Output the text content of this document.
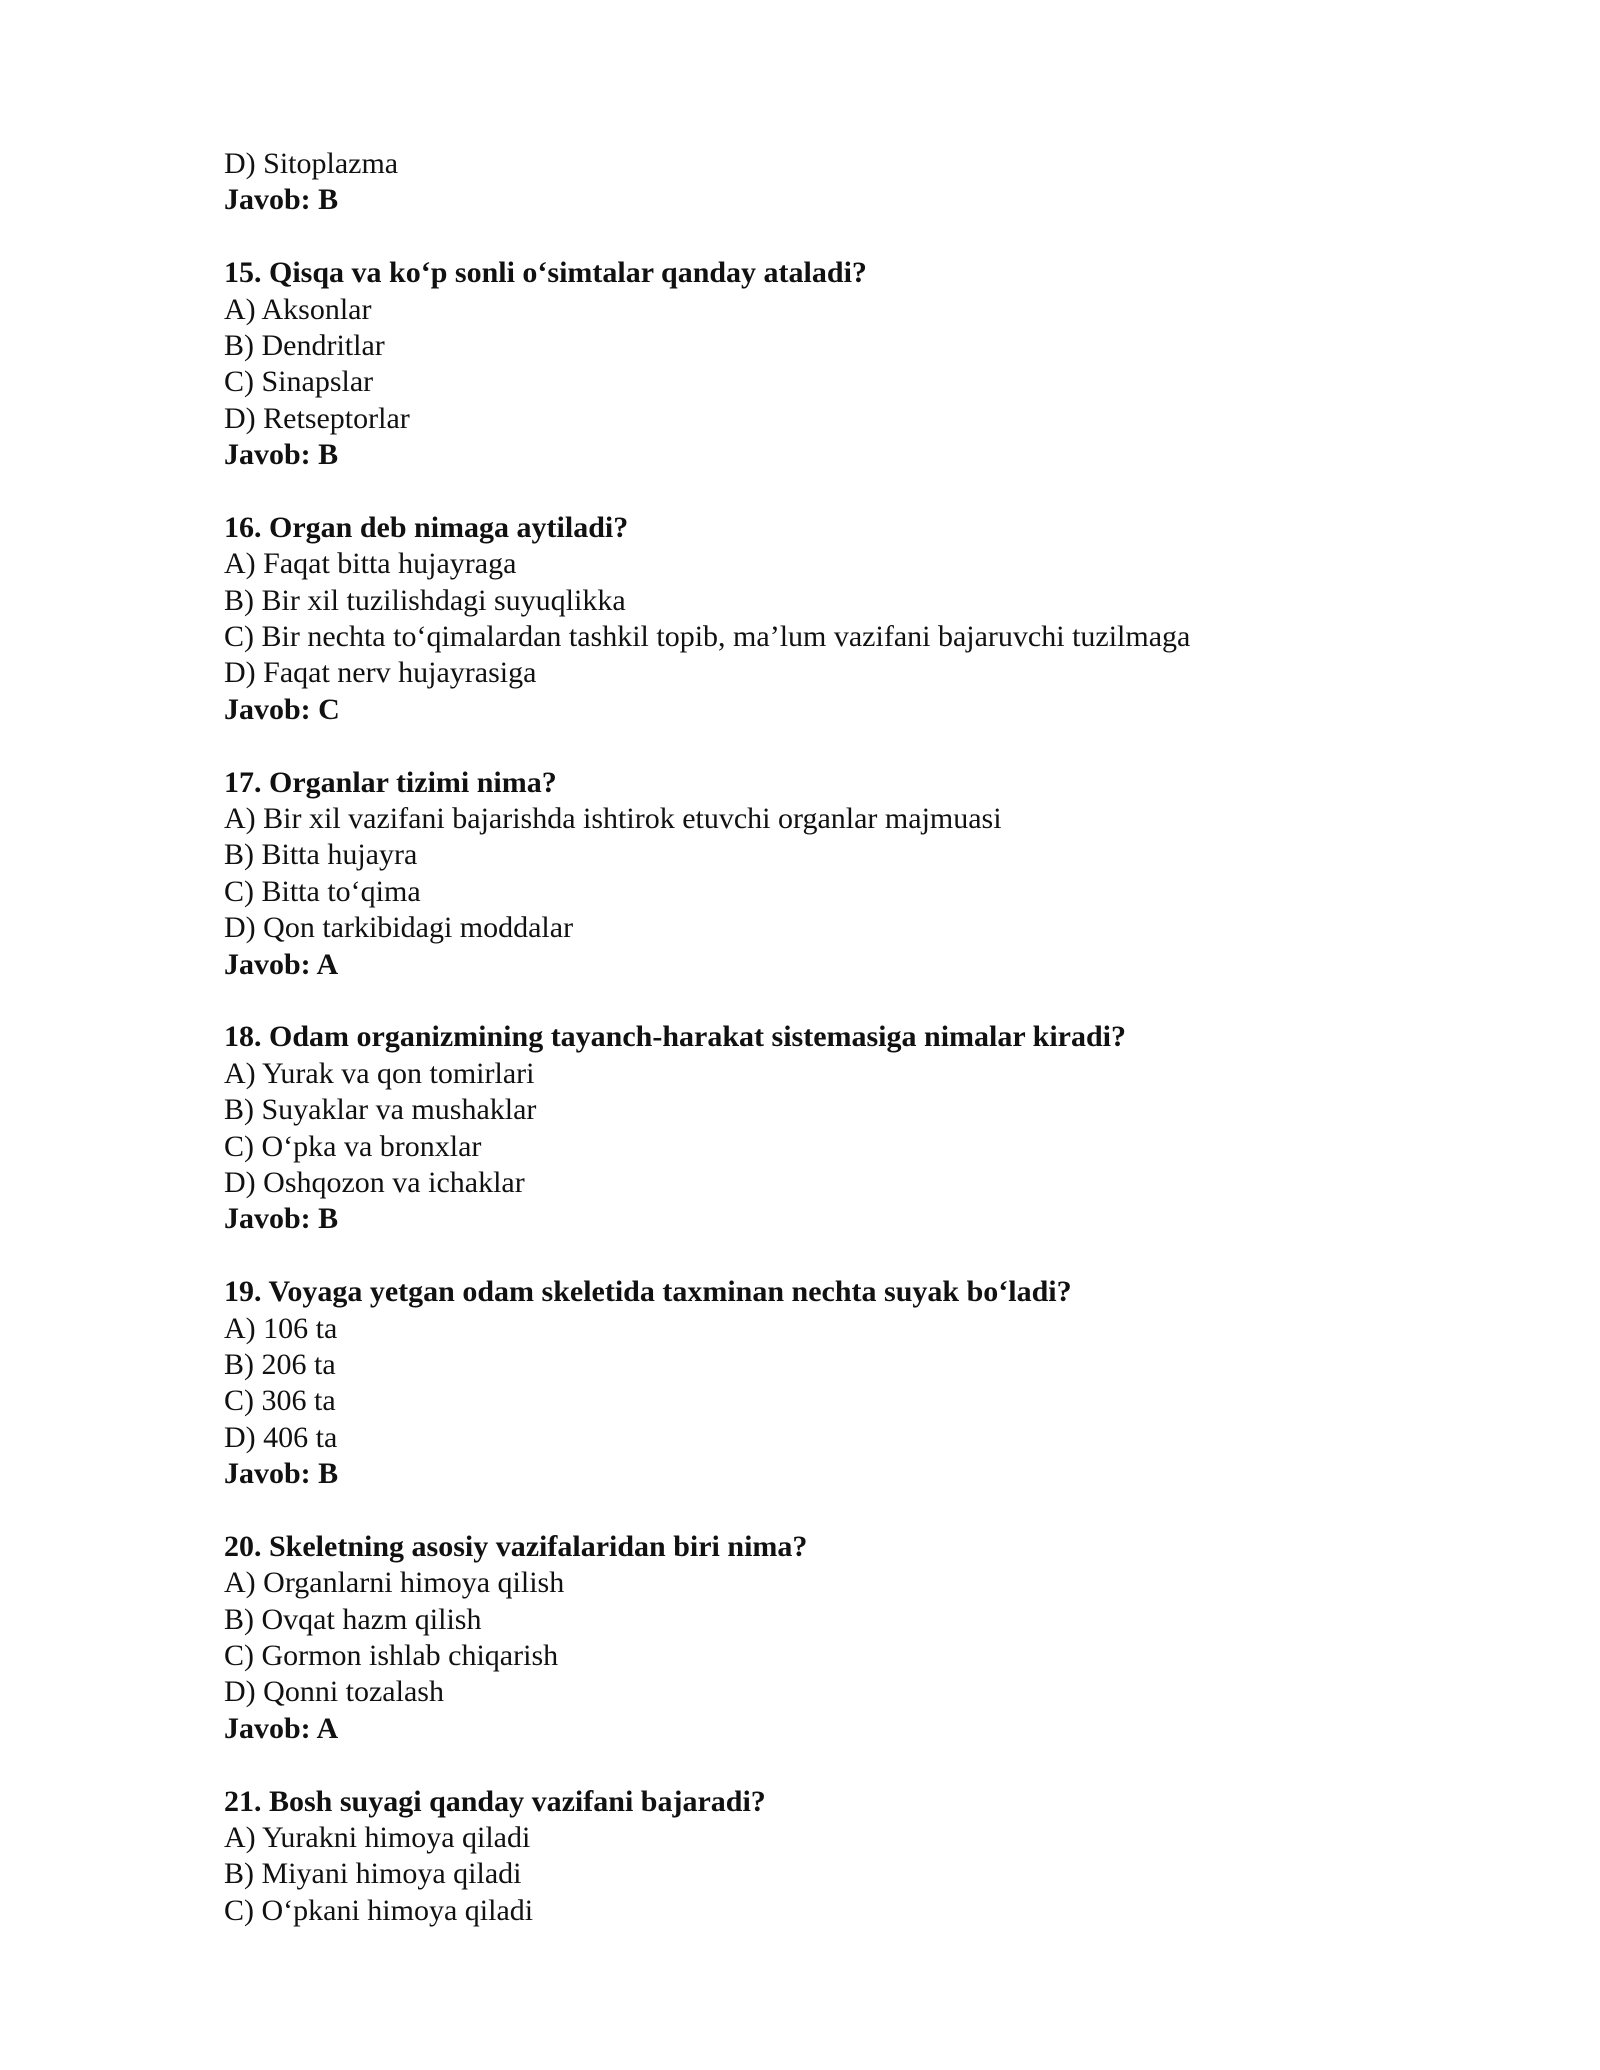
D) Sitoplazma
Javob: B
15. Qisqa va ko‘p sonli o‘simtalar qanday ataladi?
A) Aksonlar
B) Dendritlar
C) Sinapslar
D) Retseptorlar
Javob: B
16. Organ deb nimaga aytiladi?
A) Faqat bitta hujayraga
B) Bir xil tuzilishdagi suyuqlikka
C) Bir nechta to‘qimalardan tashkil topib, ma’lum vazifani bajaruvchi tuzilmaga
D) Faqat nerv hujayrasiga
Javob: C
17. Organlar tizimi nima?
A) Bir xil vazifani bajarishda ishtirok etuvchi organlar majmuasi
B) Bitta hujayra
C) Bitta to‘qima
D) Qon tarkibidagi moddalar
Javob: A
18. Odam organizmining tayanch-harakat sistemasiga nimalar kiradi?
A) Yurak va qon tomirlari
B) Suyaklar va mushaklar
C) O‘pka va bronxlar
D) Oshqozon va ichaklar
Javob: B
19. Voyaga yetgan odam skeletida taxminan nechta suyak bo‘ladi?
A) 106 ta
B) 206 ta
C) 306 ta
D) 406 ta
Javob: B
20. Skeletning asosiy vazifalaridan biri nima?
A) Organlarni himoya qilish
B) Ovqat hazm qilish
C) Gormon ishlab chiqarish
D) Qonni tozalash
Javob: A
21. Bosh suyagi qanday vazifani bajaradi?
A) Yurakni himoya qiladi
B) Miyani himoya qiladi
C) O‘pkani himoya qiladi
